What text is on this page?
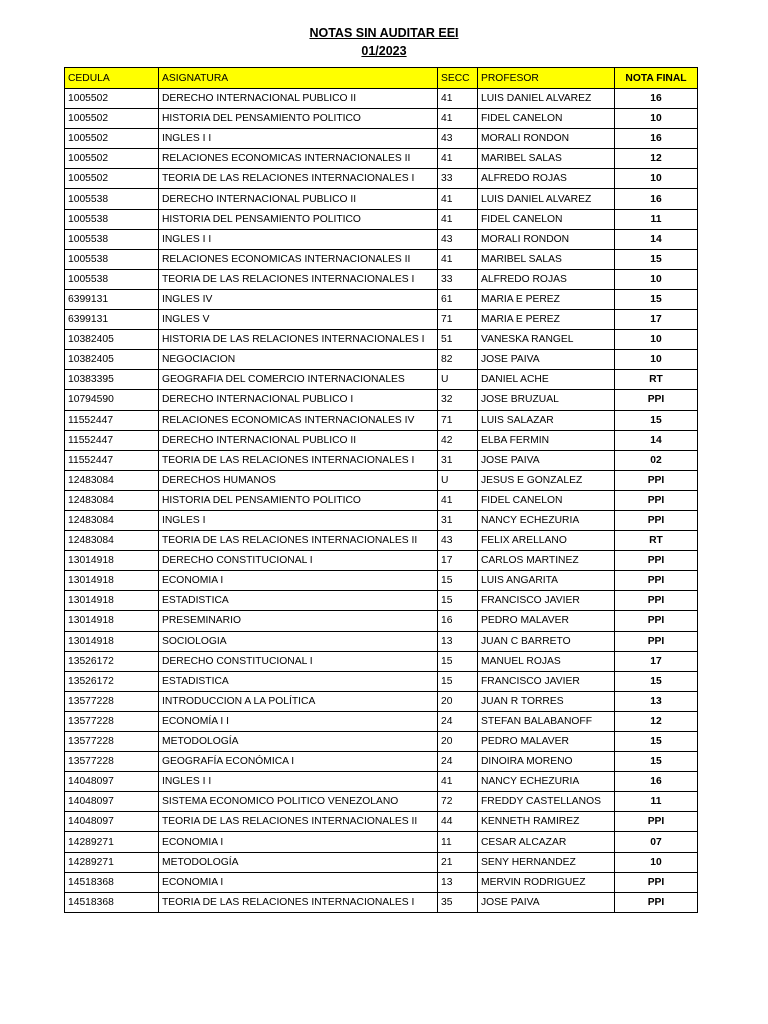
NOTAS SIN AUDITAR EEI
01/2023
CEDULA	ASIGNATURA	SECC	PROFESOR	NOTA FINAL
1005502	DERECHO INTERNACIONAL PUBLICO II	41	LUIS DANIEL ALVAREZ	16
1005502	HISTORIA DEL PENSAMIENTO POLITICO	41	FIDEL CANELON	10
1005502	INGLES I I	43	MORALI RONDON	16
1005502	RELACIONES ECONOMICAS INTERNACIONALES II	41	MARIBEL SALAS	12
1005502	TEORIA DE LAS RELACIONES INTERNACIONALES I	33	ALFREDO ROJAS	10
1005538	DERECHO INTERNACIONAL PUBLICO II	41	LUIS DANIEL ALVAREZ	16
1005538	HISTORIA DEL PENSAMIENTO POLITICO	41	FIDEL CANELON	11
1005538	INGLES I I	43	MORALI RONDON	14
1005538	RELACIONES ECONOMICAS INTERNACIONALES II	41	MARIBEL SALAS	15
1005538	TEORIA DE LAS RELACIONES INTERNACIONALES I	33	ALFREDO ROJAS	10
6399131	INGLES IV	61	MARIA E PEREZ	15
6399131	INGLES V	71	MARIA E PEREZ	17
10382405	HISTORIA DE LAS RELACIONES INTERNACIONALES I	51	VANESKA RANGEL	10
10382405	NEGOCIACION	82	JOSE PAIVA	10
10383395	GEOGRAFIA DEL COMERCIO INTERNACIONALES	U	DANIEL ACHE	RT
10794590	DERECHO INTERNACIONAL PUBLICO I	32	JOSE BRUZUAL	PPI
11552447	RELACIONES ECONOMICAS INTERNACIONALES IV	71	LUIS SALAZAR	15
11552447	DERECHO INTERNACIONAL PUBLICO II	42	ELBA FERMIN	14
11552447	TEORIA DE LAS RELACIONES INTERNACIONALES I	31	JOSE PAIVA	02
12483084	DERECHOS HUMANOS	U	JESUS E GONZALEZ	PPI
12483084	HISTORIA DEL PENSAMIENTO POLITICO	41	FIDEL CANELON	PPI
12483084	INGLES I	31	NANCY ECHEZURIA	PPI
12483084	TEORIA DE LAS RELACIONES INTERNACIONALES II	43	FELIX ARELLANO	RT
13014918	DERECHO CONSTITUCIONAL I	17	CARLOS MARTINEZ	PPI
13014918	ECONOMIA I	15	LUIS ANGARITA	PPI
13014918	ESTADISTICA	15	FRANCISCO JAVIER	PPI
13014918	PRESEMINARIO	16	PEDRO MALAVER	PPI
13014918	SOCIOLOGIA	13	JUAN C BARRETO	PPI
13526172	DERECHO CONSTITUCIONAL I	15	MANUEL ROJAS	17
13526172	ESTADISTICA	15	FRANCISCO JAVIER	15
13577228	INTRODUCCION A LA POLÍTICA	20	JUAN R TORRES	13
13577228	ECONOMÍA I I	24	STEFAN BALABANOFF	12
13577228	METODOLOGÍA	20	PEDRO MALAVER	15
13577228	GEOGRAFÍA ECONÓMICA I	24	DINOIRA MORENO	15
14048097	INGLES I I	41	NANCY ECHEZURIA	16
14048097	SISTEMA ECONOMICO POLITICO VENEZOLANO	72	FREDDY CASTELLANOS	11
14048097	TEORIA DE LAS RELACIONES INTERNACIONALES II	44	KENNETH RAMIREZ	PPI
14289271	ECONOMIA I	11	CESAR ALCAZAR	07
14289271	METODOLOGÍA	21	SENY HERNANDEZ	10
14518368	ECONOMIA I	13	MERVIN RODRIGUEZ	PPI
14518368	TEORIA DE LAS RELACIONES INTERNACIONALES I	35	JOSE PAIVA	PPI
